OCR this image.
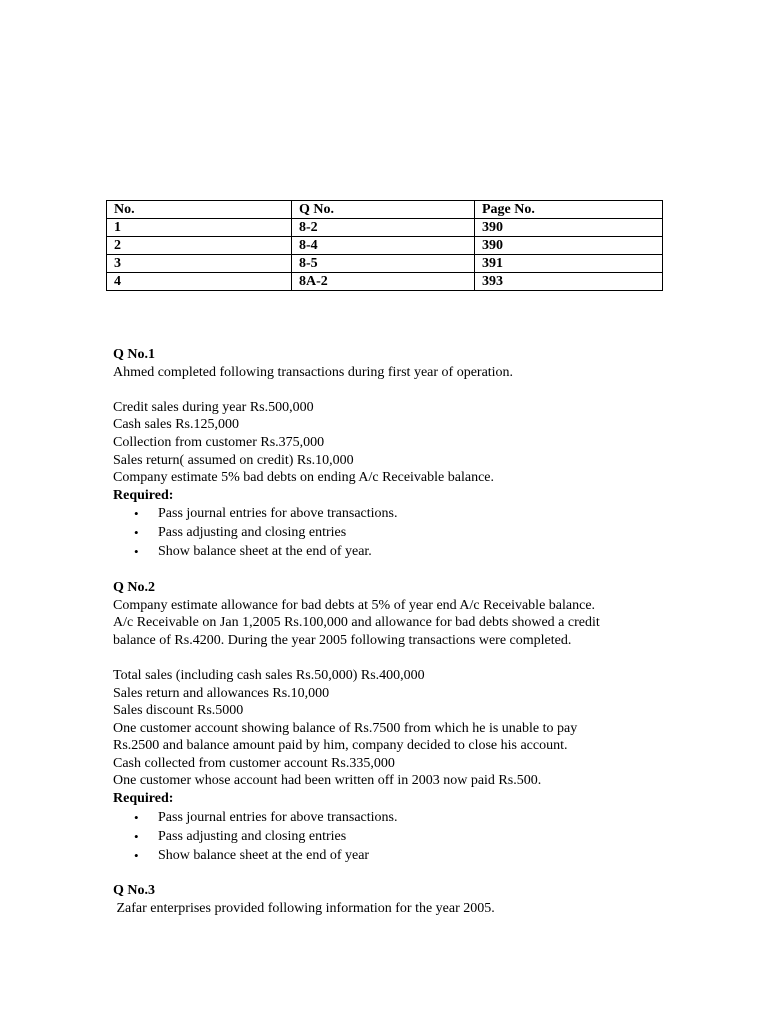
No.	Q No.	Page No.
1	8-2	390
2	8-4	390
3	8-5	391
4	8A-2	393
Q No.1
Ahmed completed following transactions during first year of operation.
Credit sales during year Rs.500,000
Cash sales Rs.125,000
Collection from customer Rs.375,000
Sales return( assumed on credit) Rs.10,000
Company estimate 5% bad debts on ending A/c Receivable balance.
Required:
• Pass journal entries for above transactions.
• Pass adjusting and closing entries
• Show balance sheet at the end of year.
Q No.2
Company estimate allowance for bad debts at 5% of year end A/c Receivable balance.
A/c Receivable on Jan 1,2005 Rs.100,000 and allowance for bad debts showed a credit
balance of Rs.4200. During the year 2005 following transactions were completed.
Total sales (including cash sales Rs.50,000) Rs.400,000
Sales return and allowances Rs.10,000
Sales discount Rs.5000
One customer account showing balance of Rs.7500 from which he is unable to pay
Rs.2500 and balance amount paid by him, company decided to close his account.
Cash collected from customer account Rs.335,000
One customer whose account had been written off in 2003 now paid Rs.500.
Required:
• Pass journal entries for above transactions.
• Pass adjusting and closing entries
• Show balance sheet at the end of year
Q No.3
Zafar enterprises provided following information for the year 2005.
